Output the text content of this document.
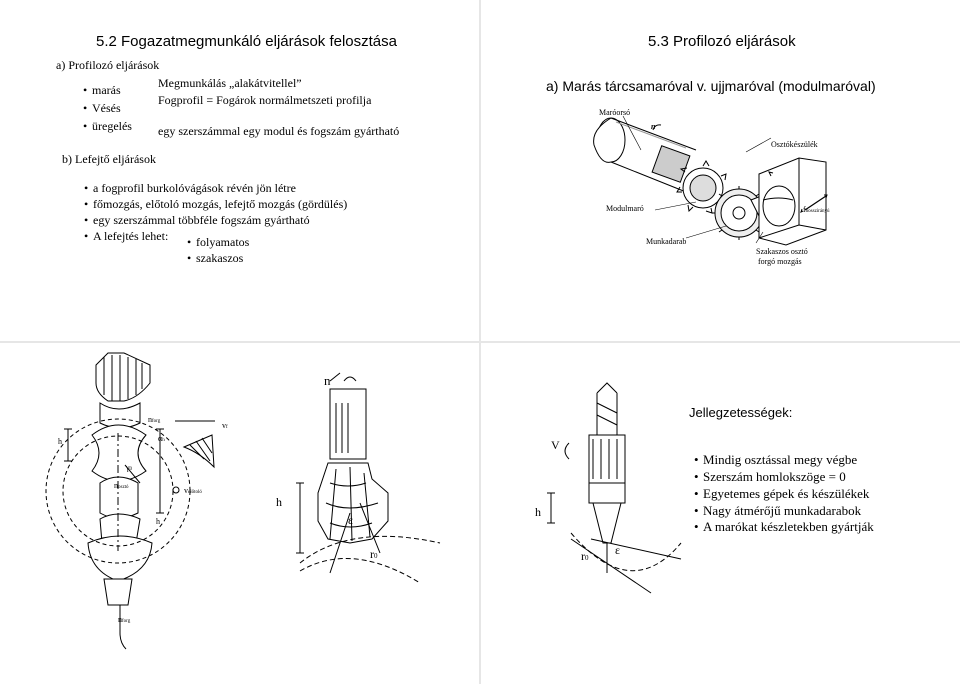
5.2 Fogazatmegmunkáló eljárások felosztása
a) Profilozó eljárások
• marás
• Vésés
• üregelés
Megmunkálás „alakátvitellel”
Fogprofil = Fogárok normálmetszeti profilja
egy szerszámmal egy modul és fogszám gyártható
b) Lefejtő eljárások
• a fogprofil burkolóvágások révén jön létre
• főmozgás, előtoló mozgás, lefejtő mozgás (gördülés)
• egy szerszámmal többféle fogszám gyártható
• A lefejtés lehet:
• folyamatos
• szakaszos
5.3 Profilozó eljárások
a) Marás tárcsamaróval v. ujjmaróval (modulmaróval)
Maróorsó
n
Osztókészülék
Modulmaró	fhosszirányú
Munkadarab
Szakaszos osztó
forgó mozgás
nforg	vf
h	αh
γ0
nosztó	velőtoló
h
nforg
n
h
ε
r0
V
h
ε
r0
Jellegzetességek:
• Mindig osztással megy végbe
• Szerszám homlokszöge = 0
• Egyetemes gépek és készülékek
• Nagy átmérőjű munkadarabok
• A marókat készletekben gyártják
